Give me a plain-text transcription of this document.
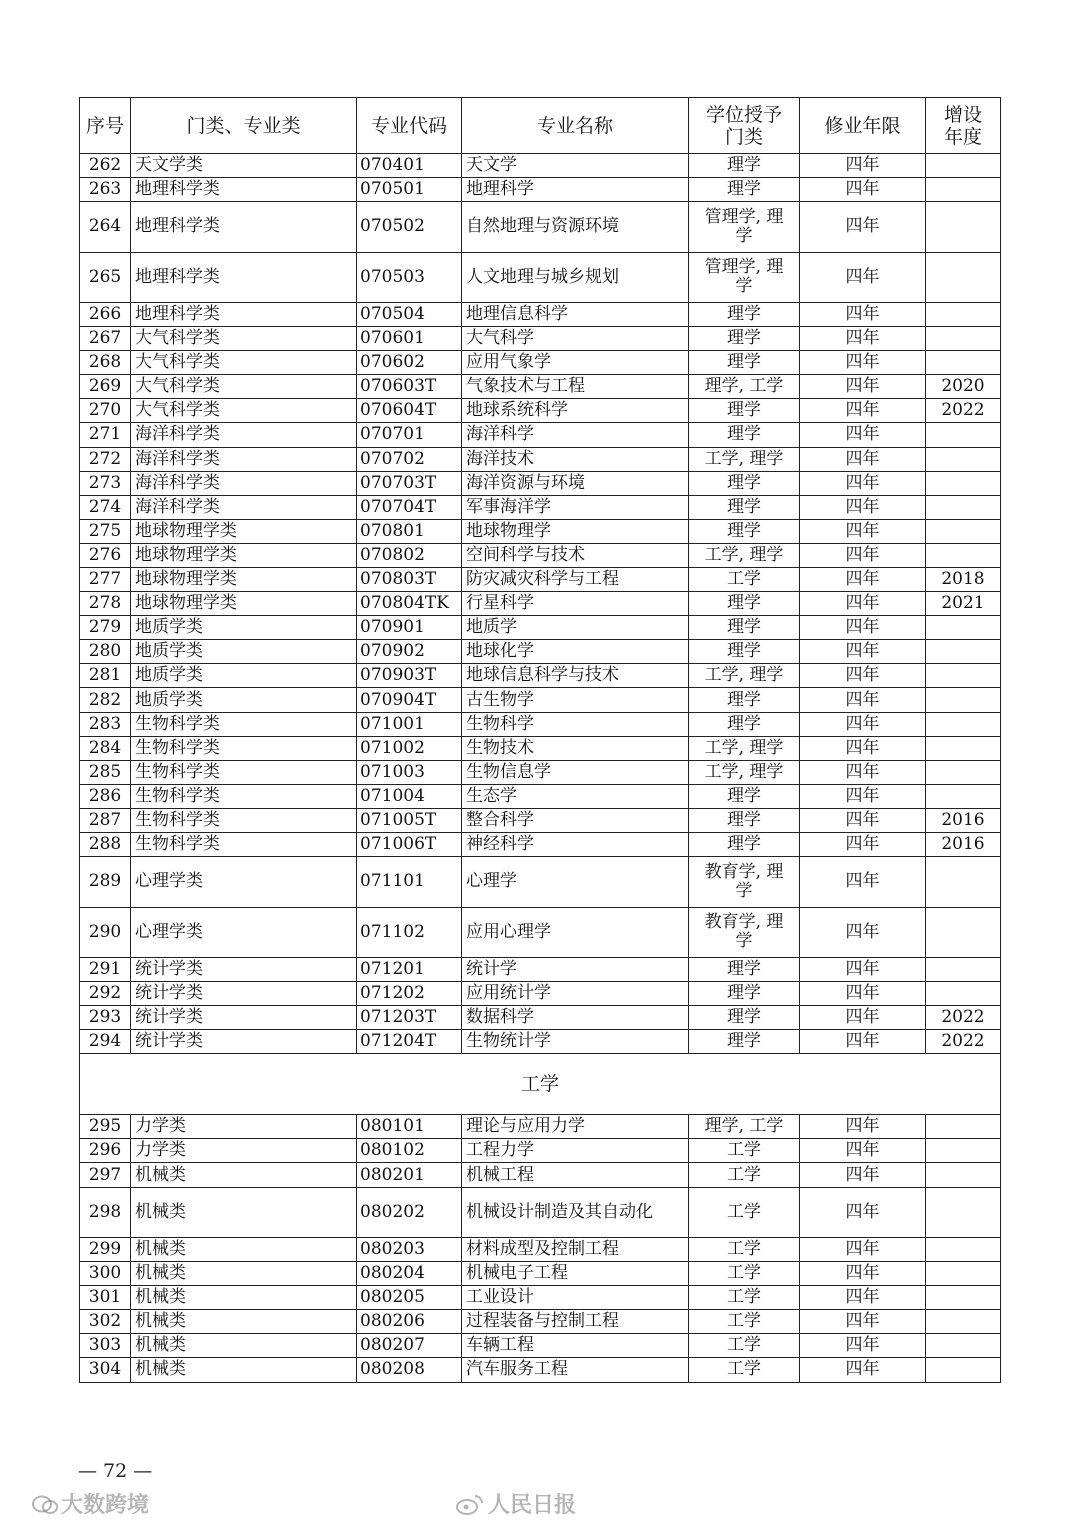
序号	门类、专业类	专业代码	专业名称	学位授予门类	修业年限	增设年度
262	天文学类	070401	天文学	理学	四年	
263	地理科学类	070501	地理科学	理学	四年	
264	地理科学类	070502	自然地理与资源环境	管理学, 理学	四年	
265	地理科学类	070503	人文地理与城乡规划	管理学, 理学	四年	
266	地理科学类	070504	地理信息科学	理学	四年	
267	大气科学类	070601	大气科学	理学	四年	
268	大气科学类	070602	应用气象学	理学	四年	
269	大气科学类	070603T	气象技术与工程	理学, 工学	四年	2020
270	大气科学类	070604T	地球系统科学	理学	四年	2022
271	海洋科学类	070701	海洋科学	理学	四年	
272	海洋科学类	070702	海洋技术	工学, 理学	四年	
273	海洋科学类	070703T	海洋资源与环境	理学	四年	
274	海洋科学类	070704T	军事海洋学	理学	四年	
275	地球物理学类	070801	地球物理学	理学	四年	
276	地球物理学类	070802	空间科学与技术	工学, 理学	四年	
277	地球物理学类	070803T	防灾减灾科学与工程	工学	四年	2018
278	地球物理学类	070804TK	行星科学	理学	四年	2021
279	地质学类	070901	地质学	理学	四年	
280	地质学类	070902	地球化学	理学	四年	
281	地质学类	070903T	地球信息科学与技术	工学, 理学	四年	
282	地质学类	070904T	古生物学	理学	四年	
283	生物科学类	071001	生物科学	理学	四年	
284	生物科学类	071002	生物技术	工学, 理学	四年	
285	生物科学类	071003	生物信息学	工学, 理学	四年	
286	生物科学类	071004	生态学	理学	四年	
287	生物科学类	071005T	整合科学	理学	四年	2016
288	生物科学类	071006T	神经科学	理学	四年	2016
289	心理学类	071101	心理学	教育学, 理学	四年	
290	心理学类	071102	应用心理学	教育学, 理学	四年	
291	统计学类	071201	统计学	理学	四年	
292	统计学类	071202	应用统计学	理学	四年	
293	统计学类	071203T	数据科学	理学	四年	2022
294	统计学类	071204T	生物统计学	理学	四年	2022
工学						
295	力学类	080101	理论与应用力学	理学, 工学	四年	
296	力学类	080102	工程力学	工学	四年	
297	机械类	080201	机械工程	工学	四年	
298	机械类	080202	机械设计制造及其自动化	工学	四年	
299	机械类	080203	材料成型及控制工程	工学	四年	
300	机械类	080204	机械电子工程	工学	四年	
301	机械类	080205	工业设计	工学	四年	
302	机械类	080206	过程装备与控制工程	工学	四年	
303	机械类	080207	车辆工程	工学	四年	
304	机械类	080208	汽车服务工程	工学	四年	
— 72 —
大数跨境	人民日报
